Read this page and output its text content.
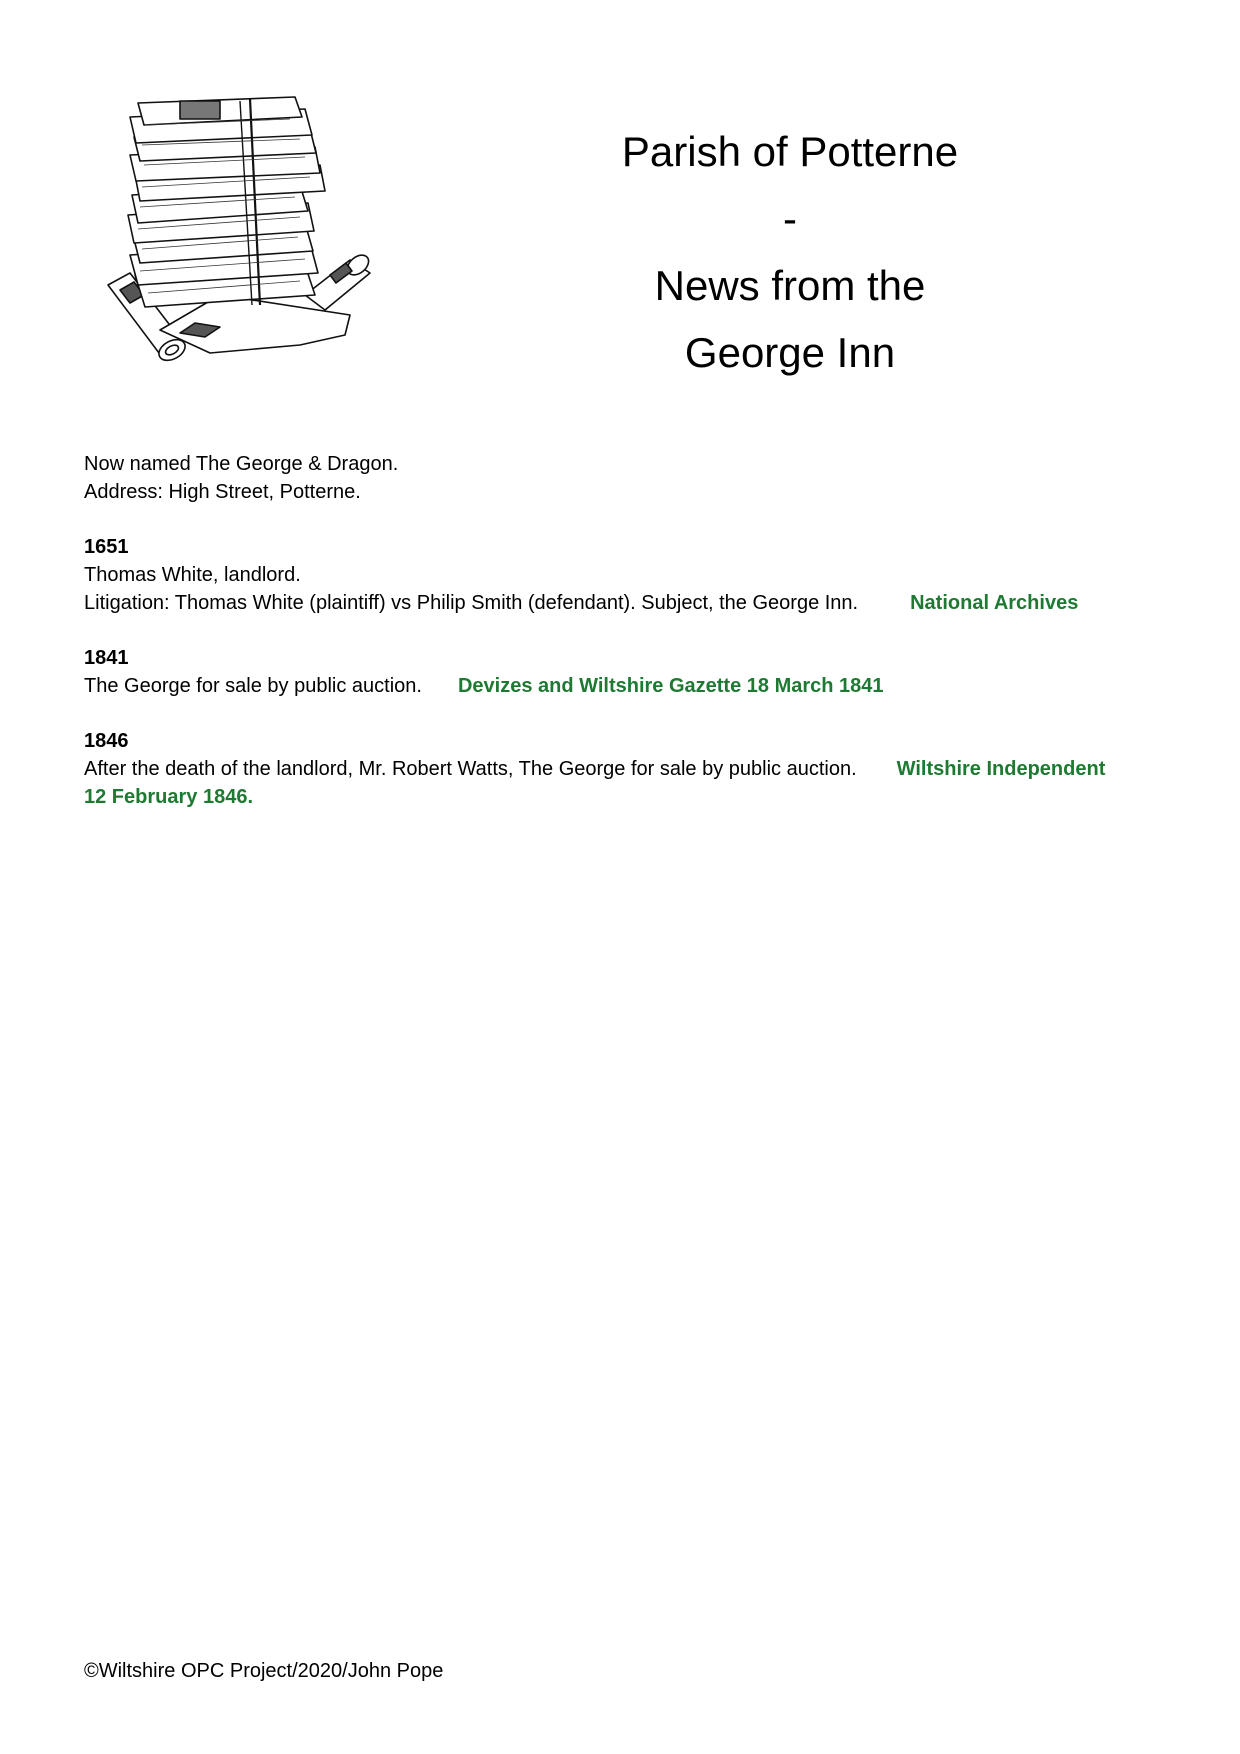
Parish of Potterne
-
News from the
George Inn
Now named The George & Dragon.
Address: High Street, Potterne.
1651
Thomas White, landlord.
Litigation: Thomas White (plaintiff) vs Philip Smith (defendant). Subject, the George Inn.	National Archives
1841
The George for sale by public auction. Devizes and Wiltshire Gazette 18 March 1841
1846
After the death of the landlord, Mr. Robert Watts, The George for sale by public auction. Wiltshire Independent
12 February 1846.
©Wiltshire OPC Project/2020/John Pope
